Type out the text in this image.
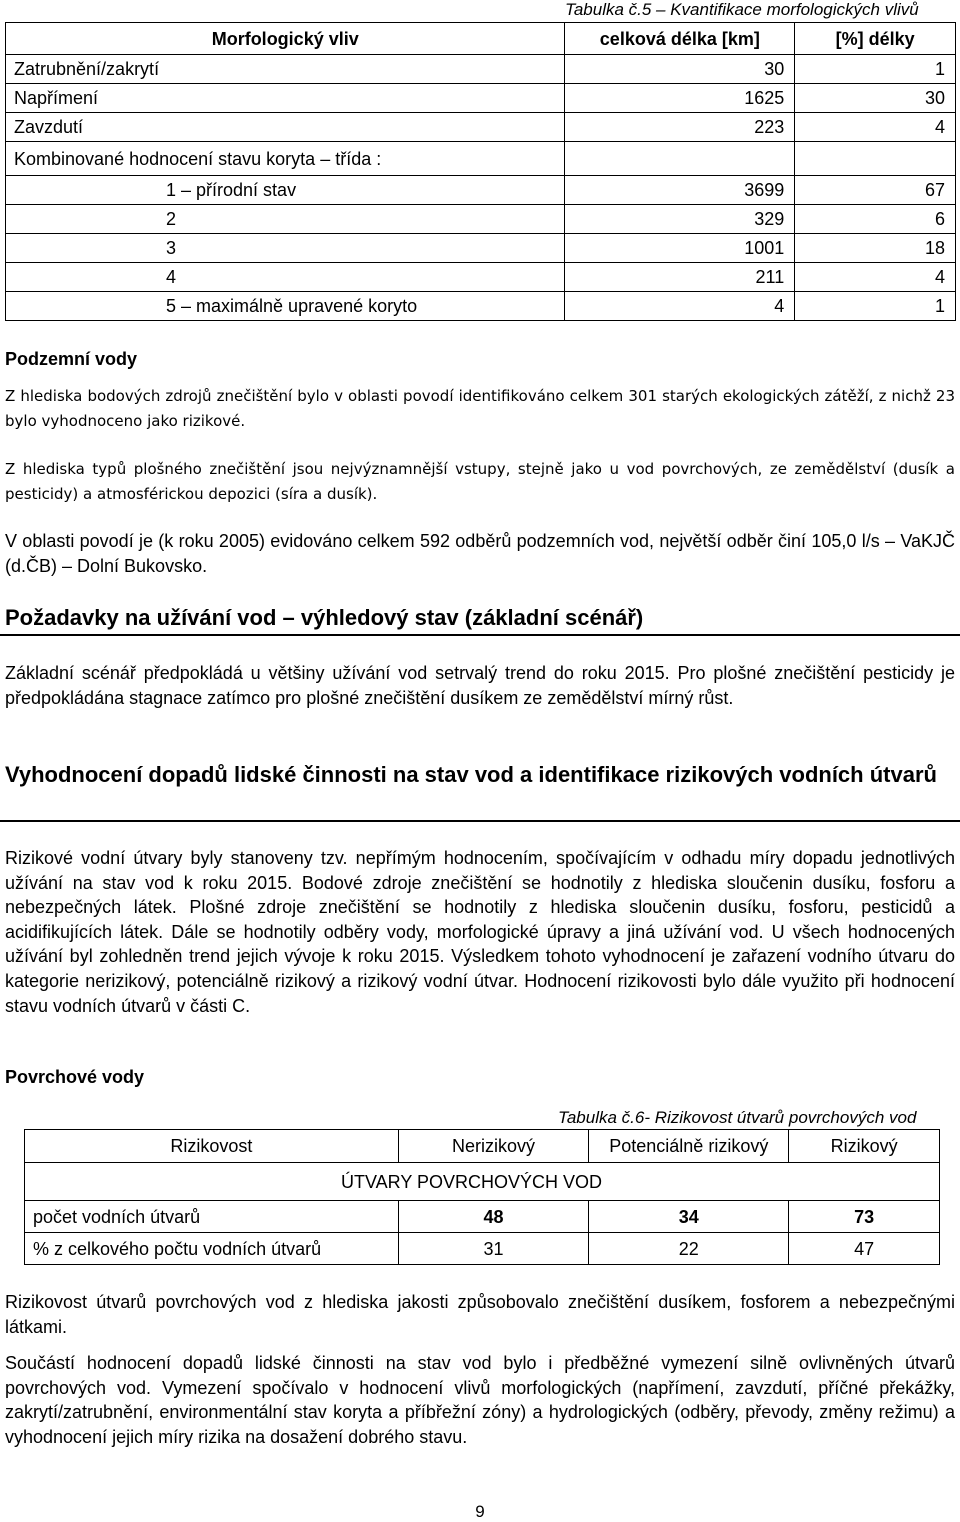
Tabulka č.5 – Kvantifikace morfologických vlivů
Morfologický vliv	celková délka [km]	[%] délky
Zatrubnění/zakrytí	30	1
Napřímení	1625	30
Zavzdutí	223	4
Kombinované hodnocení stavu koryta – třída :		
1 – přírodní stav	3699	67
2	329	6
3	1001	18
4	211	4
5 – maximálně upravené koryto	4	1
Podzemní vody
Z hlediska bodových zdrojů znečištění bylo v oblasti povodí identifikováno celkem 301 starých ekologických zátěží, z nichž 23 bylo vyhodnoceno jako rizikové.
Z hlediska typů plošného znečištění jsou nejvýznamnější vstupy, stejně jako u vod povrchových, ze zemědělství (dusík a pesticidy) a atmosférickou depozici (síra a dusík).
V oblasti povodí je (k roku 2005) evidováno celkem 592 odběrů podzemních vod, největší odběr činí 105,0 l/s – VaKJČ (d.ČB) – Dolní Bukovsko.
Požadavky na užívání vod – výhledový stav (základní scénář)
Základní scénář předpokládá u většiny užívání vod setrvalý trend do roku 2015. Pro plošné znečištění pesticidy je předpokládána stagnace zatímco pro plošné znečištění dusíkem ze zemědělství mírný růst.
Vyhodnocení dopadů lidské činnosti na stav vod a identifikace rizikových vodních útvarů
Rizikové vodní útvary byly stanoveny tzv. nepřímým hodnocením, spočívajícím v odhadu míry dopadu jednotlivých užívání na stav vod k roku 2015. Bodové zdroje znečištění se hodnotily z hlediska sloučenin dusíku, fosforu a nebezpečných látek. Plošné zdroje znečištění se hodnotily z hlediska sloučenin dusíku, fosforu, pesticidů a acidifikujících látek. Dále se hodnotily odběry vody, morfologické úpravy a jiná užívání vod. U všech hodnocených užívání byl zohledněn trend jejich vývoje k roku 2015. Výsledkem tohoto vyhodnocení je zařazení vodního útvaru do kategorie nerizikový, potenciálně rizikový a rizikový vodní útvar. Hodnocení rizikovosti bylo dále využito při hodnocení stavu vodních útvarů v části C.
Povrchové vody
Tabulka č.6- Rizikovost útvarů povrchových vod
Rizikovost	Nerizikový	Potenciálně rizikový	Rizikový
ÚTVARY POVRCHOVÝCH VOD			
počet vodních útvarů	48	34	73
% z celkového počtu vodních útvarů	31	22	47
Rizikovost útvarů povrchových vod z hlediska jakosti způsobovalo znečištění dusíkem, fosforem a nebezpečnými látkami.
Součástí hodnocení dopadů lidské činnosti na stav vod bylo i předběžné vymezení silně ovlivněných útvarů povrchových vod. Vymezení spočívalo v hodnocení vlivů morfologických (napřímení, zavzdutí, příčné překážky, zakrytí/zatrubnění, environmentální stav koryta a příbřežní zóny) a hydrologických (odběry, převody, změny režimu) a vyhodnocení jejich míry rizika na dosažení dobrého stavu.
9
